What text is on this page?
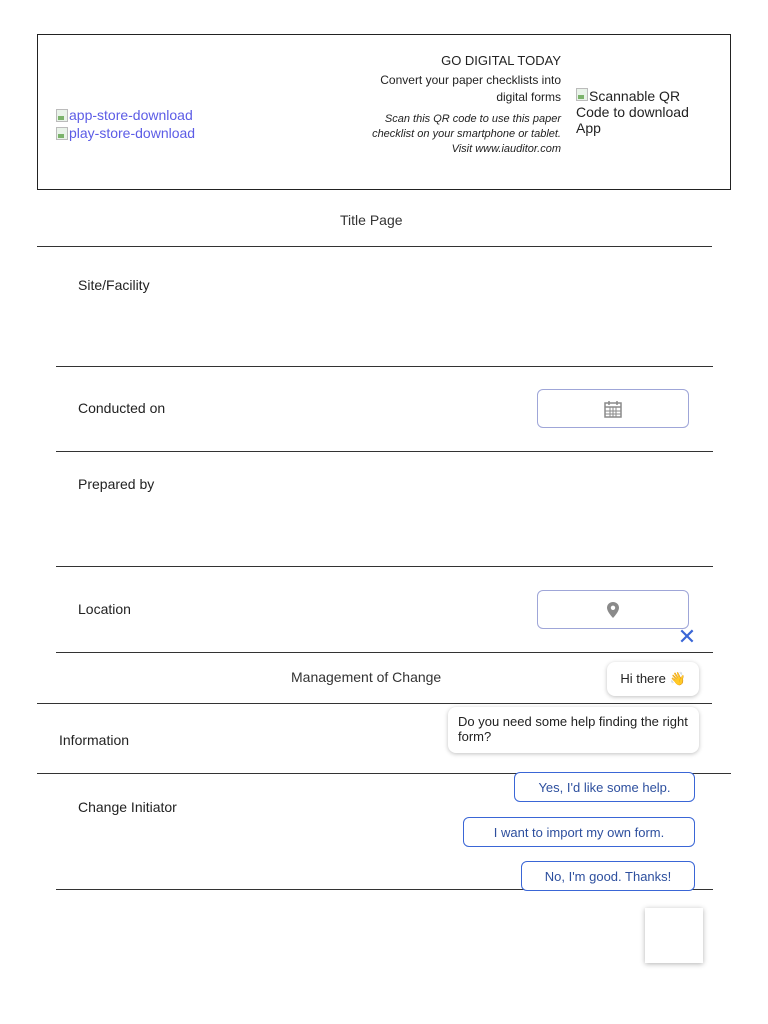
app-store-download
play-store-download
GO DIGITAL TODAY
Convert your paper checklists into digital forms
Scan this QR code to use this paper checklist on your smartphone or tablet. Visit www.iauditor.com
Scannable QR Code to download App
Title Page
Site/Facility
Conducted on
Prepared by
Location
Management of Change
Information
Change Initiator
✕
Hi there 👋
Do you need some help finding the right form?
Yes, I'd like some help.
I want to import my own form.
No, I'm good. Thanks!
